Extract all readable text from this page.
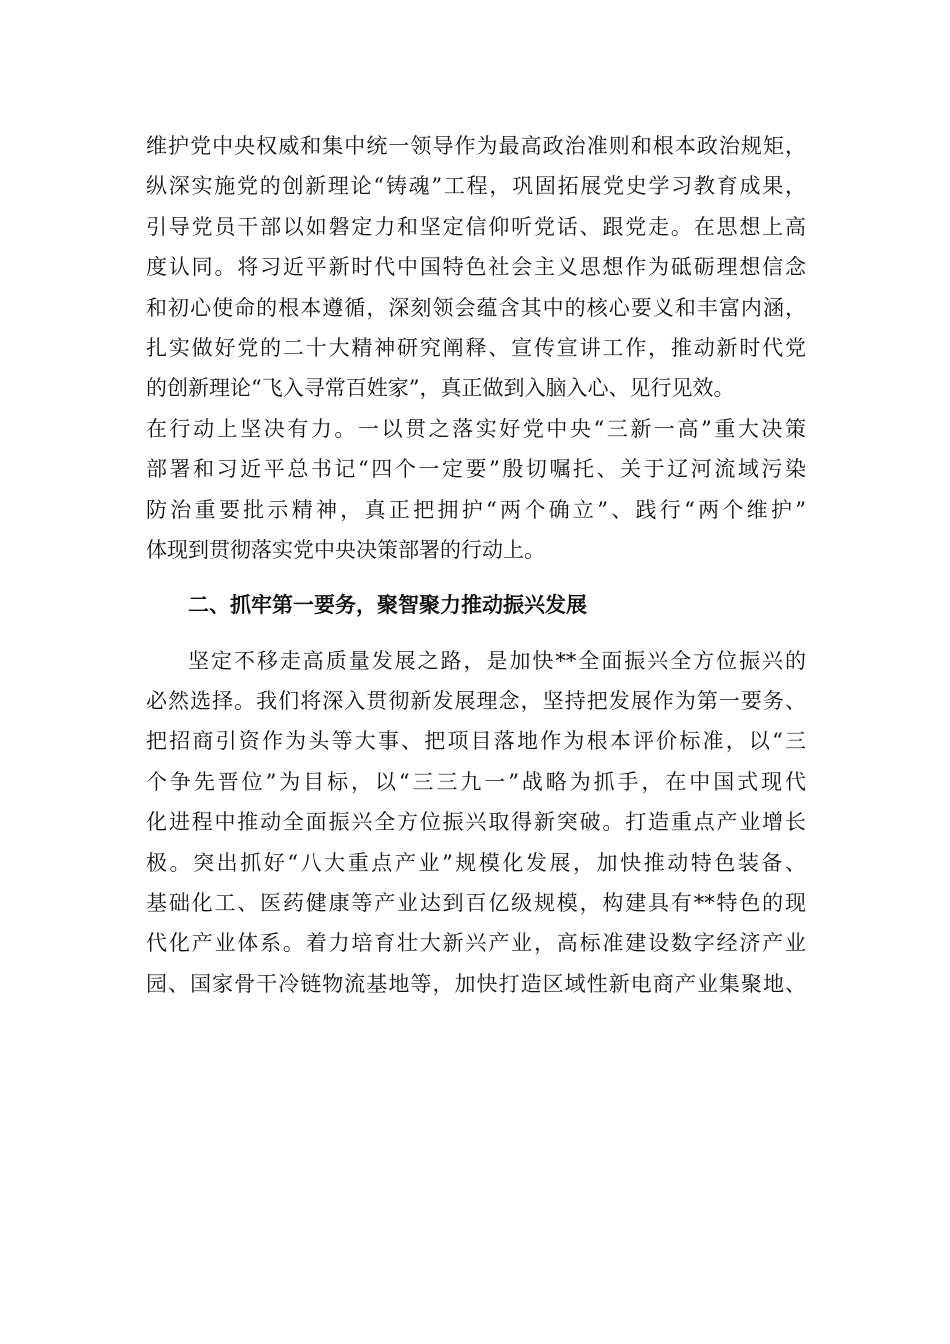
维护党中央权威和集中统一领导作为最高政治准则和根本政治规矩，
纵深实施党的创新理论“铸魂”工程，巩固拓展党史学习教育成果，
引导党员干部以如磐定力和坚定信仰听党话、跟党走。在思想上高
度认同。将习近平新时代中国特色社会主义思想作为砥砺理想信念
和初心使命的根本遵循，深刻领会蕴含其中的核心要义和丰富内涵，
扎实做好党的二十大精神研究阐释、宣传宣讲工作，推动新时代党
的创新理论“飞入寻常百姓家”，真正做到入脑入心、见行见效。
在行动上坚决有力。一以贯之落实好党中央“三新一高”重大决策
部署和习近平总书记“四个一定要”殷切嘱托、关于辽河流域污染
防治重要批示精神，真正把拥护“两个确立”、践行“两个维护”
体现到贯彻落实党中央决策部署的行动上。
二、抓牢第一要务，聚智聚力推动振兴发展
坚定不移走高质量发展之路，是加快**全面振兴全方位振兴的
必然选择。我们将深入贯彻新发展理念，坚持把发展作为第一要务、
把招商引资作为头等大事、把项目落地作为根本评价标准，以“三
个争先晋位”为目标，以“三三九一”战略为抓手，在中国式现代
化进程中推动全面振兴全方位振兴取得新突破。打造重点产业增长
极。突出抓好“八大重点产业”规模化发展，加快推动特色装备、
基础化工、医药健康等产业达到百亿级规模，构建具有**特色的现
代化产业体系。着力培育壮大新兴产业，高标准建设数字经济产业
园、国家骨干冷链物流基地等，加快打造区域性新电商产业集聚地、
